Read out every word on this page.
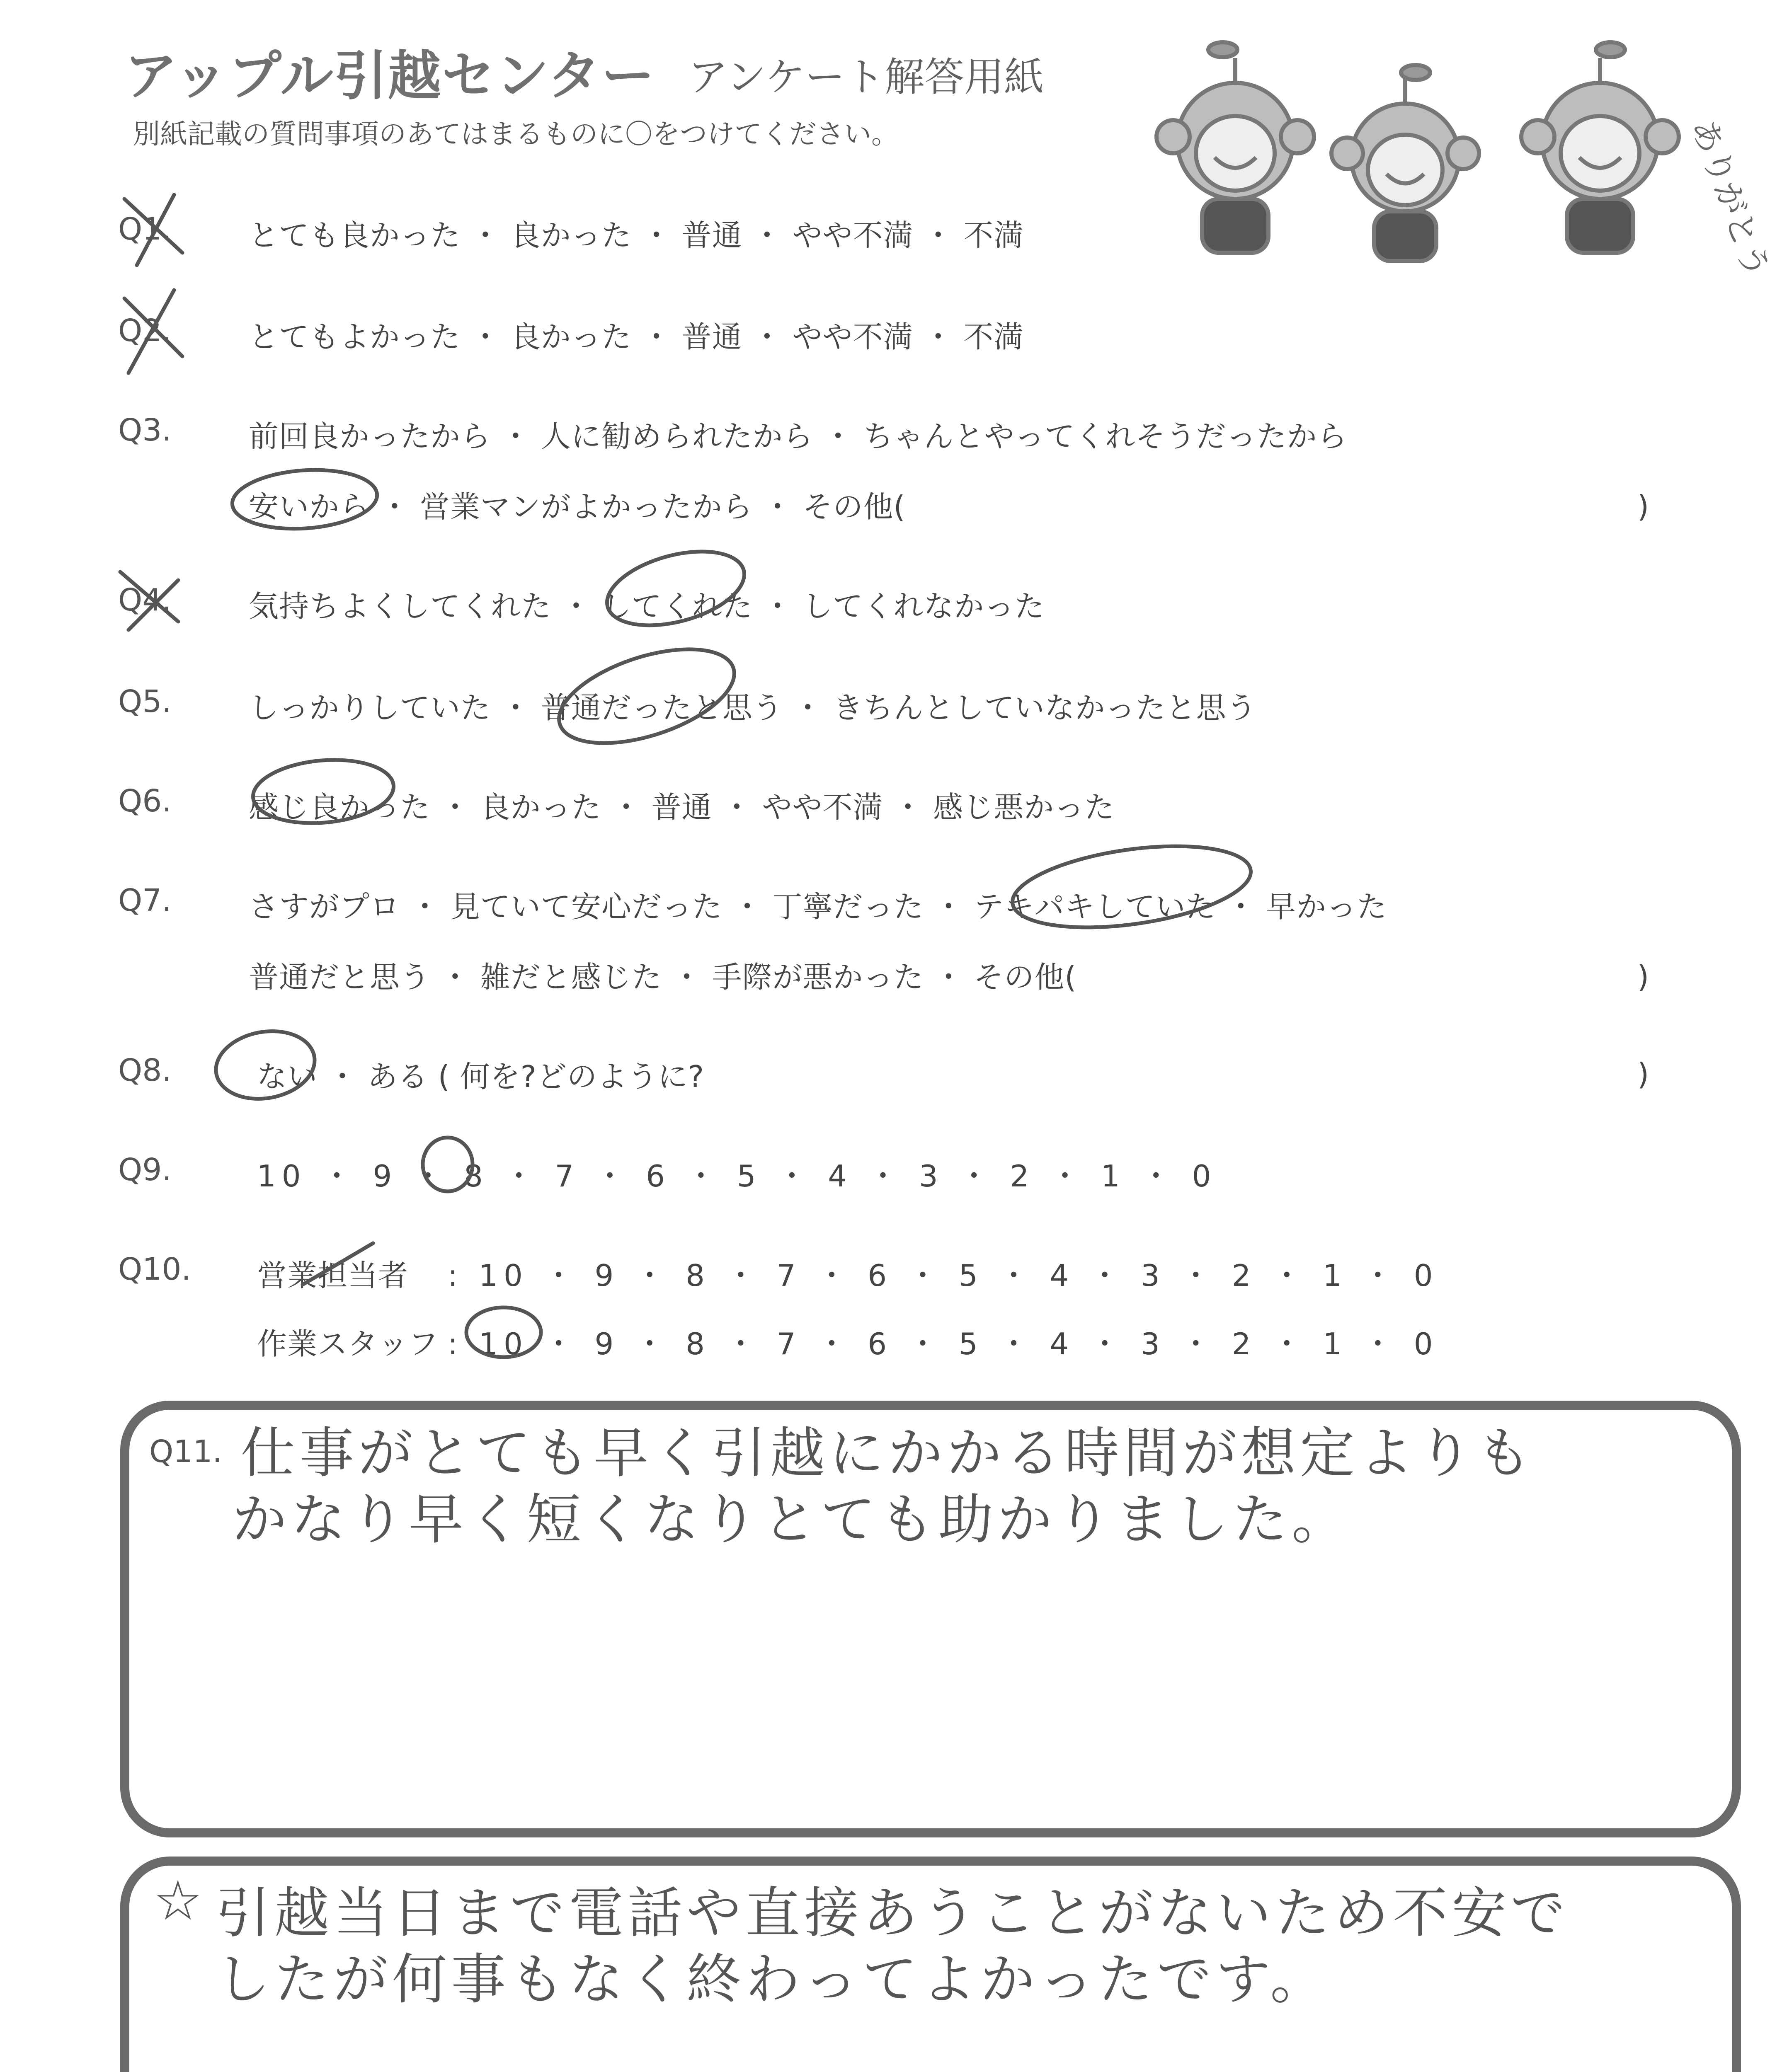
アップル引越センター アンケート解答用紙
別紙記載の質問事項のあてはまるものに〇をつけてください。	ありがとう
Q1.	とても良かった ・ 良かった ・ 普通 ・ やや不満 ・ 不満
Q2.	とてもよかった ・ 良かった ・ 普通 ・ やや不満 ・ 不満
Q3.	前回良かったから ・ 人に勧められたから ・ ちゃんとやってくれそうだったから
安いから ・ 営業マンがよかったから ・ その他(	)
Q4.	気持ちよくしてくれた ・ してくれた ・ してくれなかった
Q5.	しっかりしていた ・ 普通だったと思う ・ きちんとしていなかったと思う
Q6.	感じ良かった ・ 良かった ・ 普通 ・ やや不満 ・ 感じ悪かった
Q7.	さすがプロ ・ 見ていて安心だった ・ 丁寧だった ・ テキパキしていた ・ 早かった
普通だと思う ・ 雑だと感じた ・ 手際が悪かった ・ その他(	)
Q8.	ない ・ ある ( 何を?どのように?	)
Q9.	10 ・ 9 ・ 8 ・ 7 ・ 6 ・ 5 ・ 4 ・ 3 ・ 2 ・ 1 ・ 0
Q10. 営業担当者 : 10 ・ 9 ・ 8 ・ 7 ・ 6 ・ 5 ・ 4 ・ 3 ・ 2 ・ 1 ・ 0
作業スタッフ : 10 ・ 9 ・ 8 ・ 7 ・ 6 ・ 5 ・ 4 ・ 3 ・ 2 ・ 1 ・ 0
Q11. 仕事がとても早く引越にかかる時間が想定よりも
かなり早く短くなりとても助かりました。
☆ 引越当日まで電話や直接あうことがないため不安で
したが何事もなく終わってよかったです。
